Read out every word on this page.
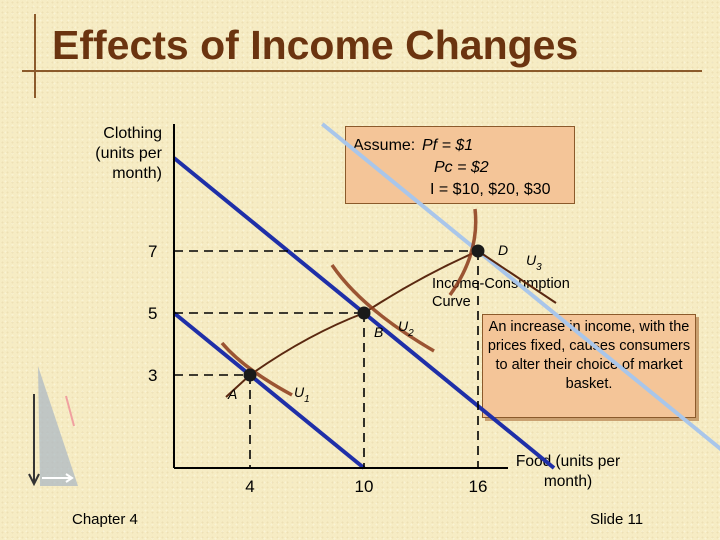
Effects of Income Changes
Clothing (units per month)
Assume: Pf = $1
Pc = $2
I = $10, $20, $30
Income-Consumption Curve
An increase in income, with the prices fixed, causes consumers to alter their choice of market basket.
Food (units per month)
3
5
7
4	10	16
A
B
D
$U_1$
$U_2$
$U_3$
Chapter 4	Slide 11
